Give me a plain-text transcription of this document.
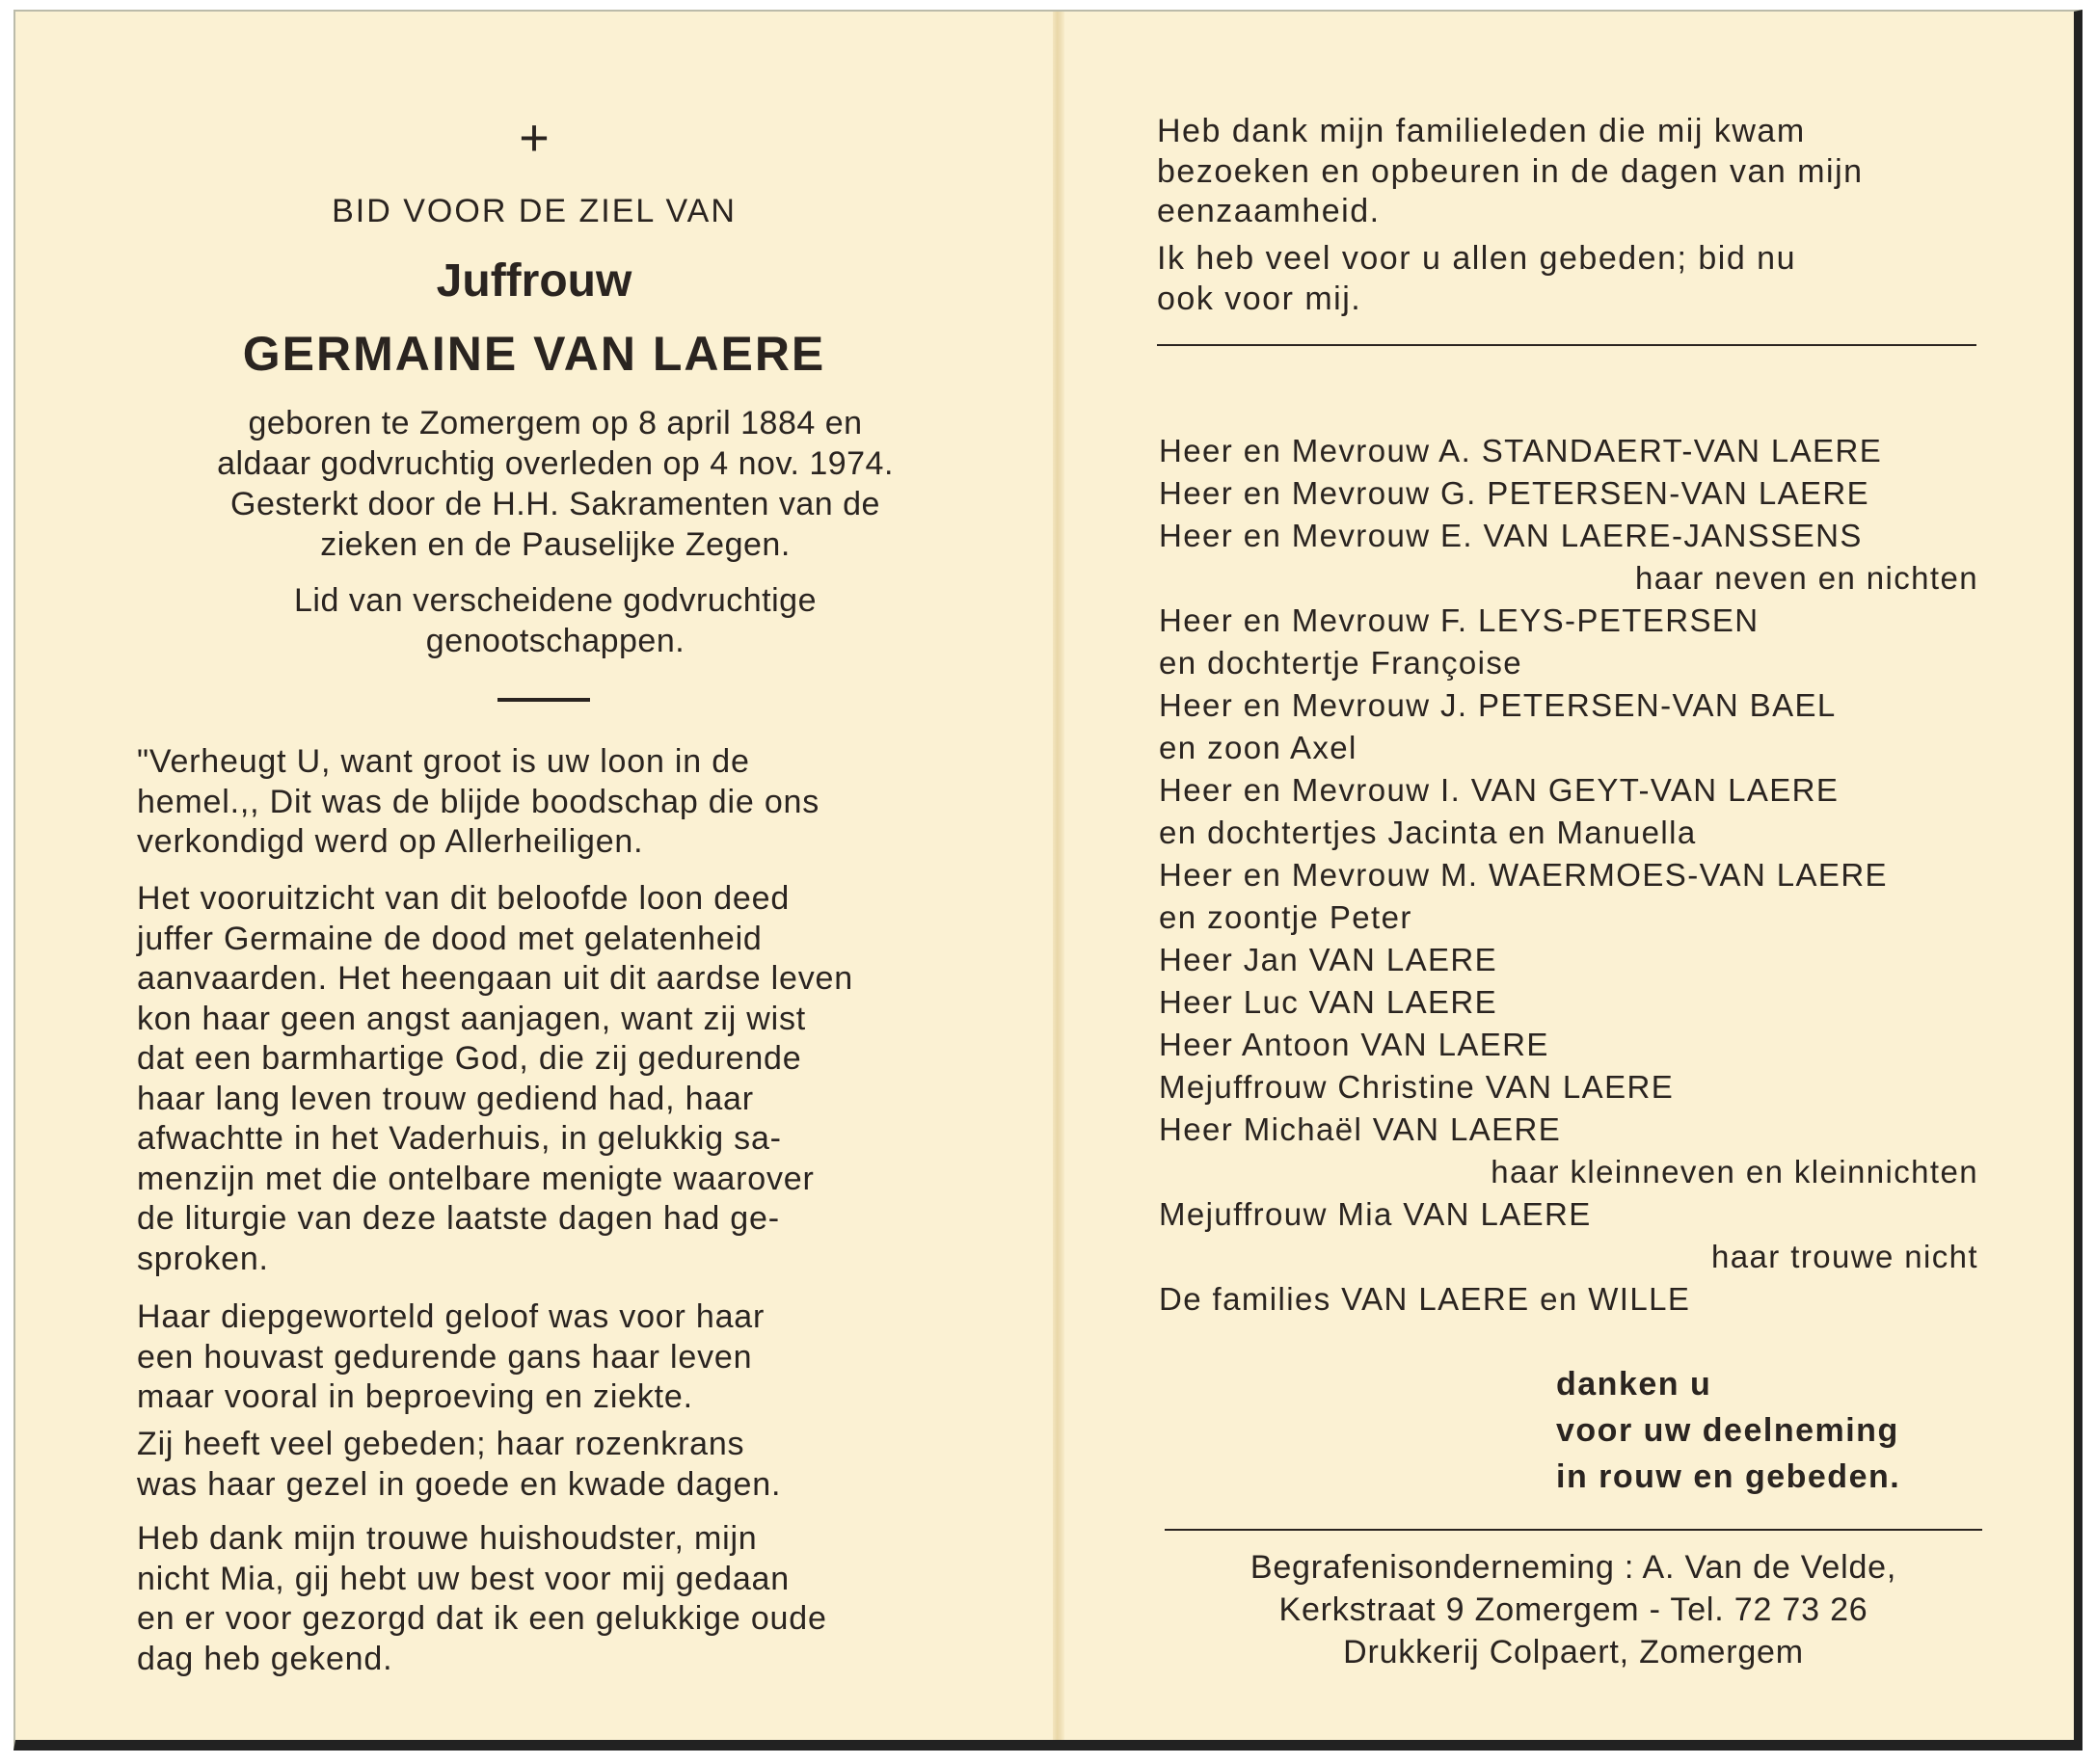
+
BID VOOR DE ZIEL VAN
Juffrouw
GERMAINE VAN LAERE
geboren te Zomergem op 8 april 1884 en
aldaar godvruchtig overleden op 4 nov. 1974.
Gesterkt door de H.H. Sakramenten van de
zieken en de Pauselijke Zegen.
Lid van verscheidene godvruchtige
genootschappen.
"Verheugt U, want groot is uw loon in de
hemel.,, Dit was de blijde boodschap die ons
verkondigd werd op Allerheiligen.
Het vooruitzicht van dit beloofde loon deed
juffer Germaine de dood met gelatenheid
aanvaarden. Het heengaan uit dit aardse leven
kon haar geen angst aanjagen, want zij wist
dat een barmhartige God, die zij gedurende
haar lang leven trouw gediend had, haar
afwachtte in het Vaderhuis, in gelukkig sa-
menzijn met die ontelbare menigte waarover
de liturgie van deze laatste dagen had ge-
sproken.
Haar diepgeworteld geloof was voor haar
een houvast gedurende gans haar leven
maar vooral in beproeving en ziekte.
Zij heeft veel gebeden; haar rozenkrans
was haar gezel in goede en kwade dagen.
Heb dank mijn trouwe huishoudster, mijn
nicht Mia, gij hebt uw best voor mij gedaan
en er voor gezorgd dat ik een gelukkige oude
dag heb gekend.
Heb dank mijn familieleden die mij kwam
bezoeken en opbeuren in de dagen van mijn
eenzaamheid.
Ik heb veel voor u allen gebeden; bid nu
ook voor mij.
Heer en Mevrouw A. STANDAERT-VAN LAERE
Heer en Mevrouw G. PETERSEN-VAN LAERE
Heer en Mevrouw E. VAN LAERE-JANSSENS
haar neven en nichten
Heer en Mevrouw F. LEYS-PETERSEN
en dochtertje Françoise
Heer en Mevrouw J. PETERSEN-VAN BAEL
en zoon Axel
Heer en Mevrouw I. VAN GEYT-VAN LAERE
en dochtertjes Jacinta en Manuella
Heer en Mevrouw M. WAERMOES-VAN LAERE
en zoontje Peter
Heer Jan VAN LAERE
Heer Luc VAN LAERE
Heer Antoon VAN LAERE
Mejuffrouw Christine VAN LAERE
Heer Michaël VAN LAERE
haar kleinneven en kleinnichten
Mejuffrouw Mia VAN LAERE
haar trouwe nicht
De families VAN LAERE en WILLE
danken u
voor uw deelneming
in rouw en gebeden.
Begrafenisonderneming : A. Van de Velde,
Kerkstraat 9 Zomergem - Tel. 72 73 26
Drukkerij Colpaert, Zomergem
